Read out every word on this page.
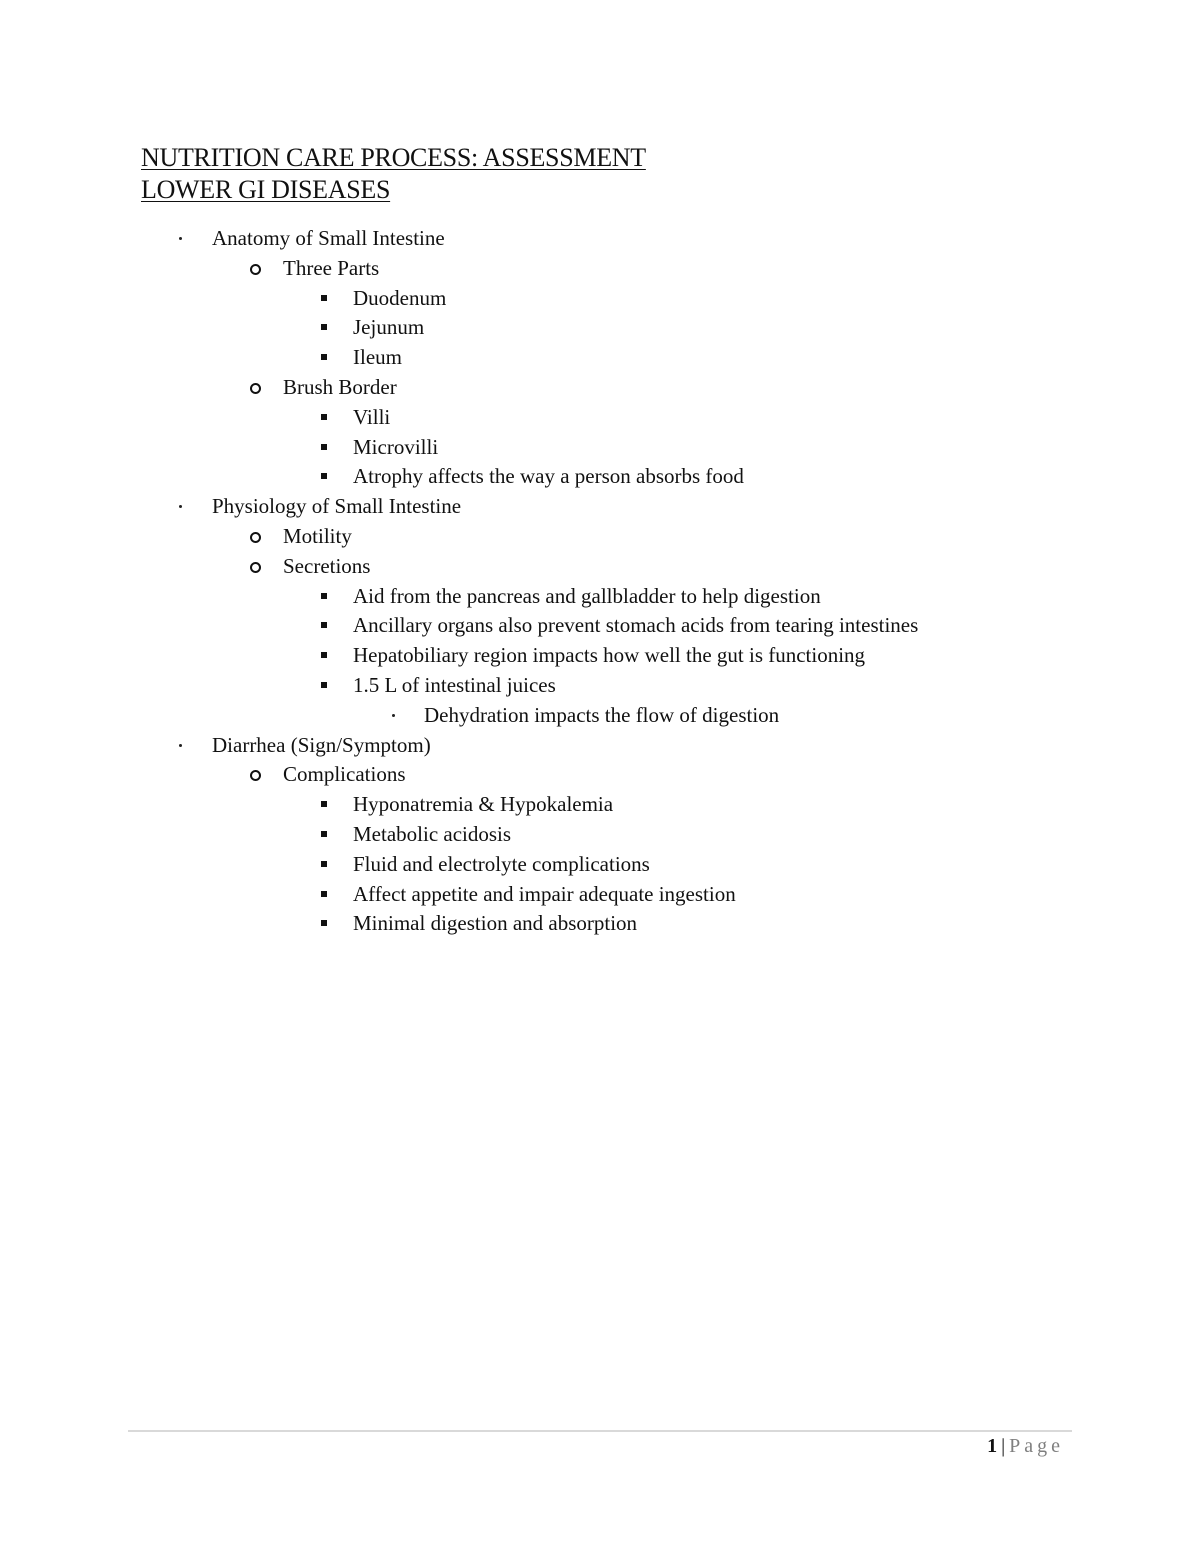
NUTRITION CARE PROCESS: ASSESSMENT
LOWER GI DISEASES
Anatomy of Small Intestine
Three Parts
Duodenum
Jejunum
Ileum
Brush Border
Villi
Microvilli
Atrophy affects the way a person absorbs food
Physiology of Small Intestine
Motility
Secretions
Aid from the pancreas and gallbladder to help digestion
Ancillary organs also prevent stomach acids from tearing intestines
Hepatobiliary region impacts how well the gut is functioning
1.5 L of intestinal juices
Dehydration impacts the flow of digestion
Diarrhea (Sign/Symptom)
Complications
Hyponatremia & Hypokalemia
Metabolic acidosis
Fluid and electrolyte complications
Affect appetite and impair adequate ingestion
Minimal digestion and absorption
1 | Page
